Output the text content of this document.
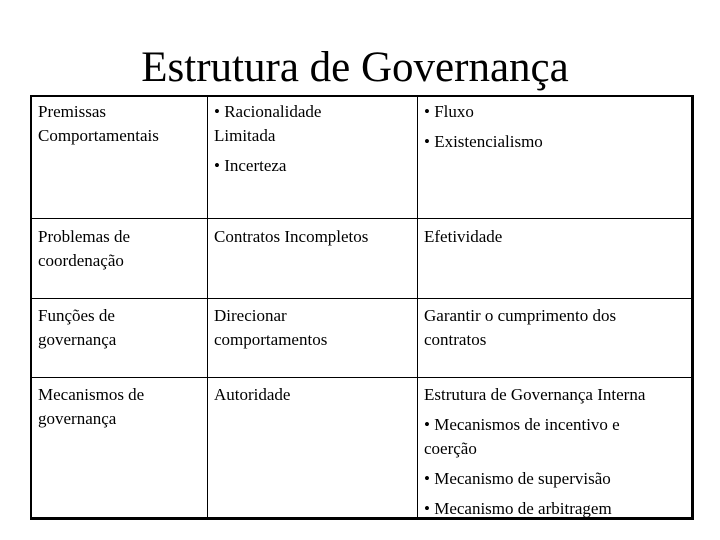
Estrutura de Governança
Premissas
Comportamentais
• Racionalidade
Limitada
• Incerteza
• Fluxo
• Existencialismo
Problemas de
coordenação
Contratos Incompletos	Efetividade
Funções de
governança
Direcionar
comportamentos
Garantir o cumprimento dos
contratos
Mecanismos de
governança
Autoridade	Estrutura de Governança Interna
• Mecanismos de incentivo e
coerção
• Mecanismo de supervisão
• Mecanismo de arbitragem
